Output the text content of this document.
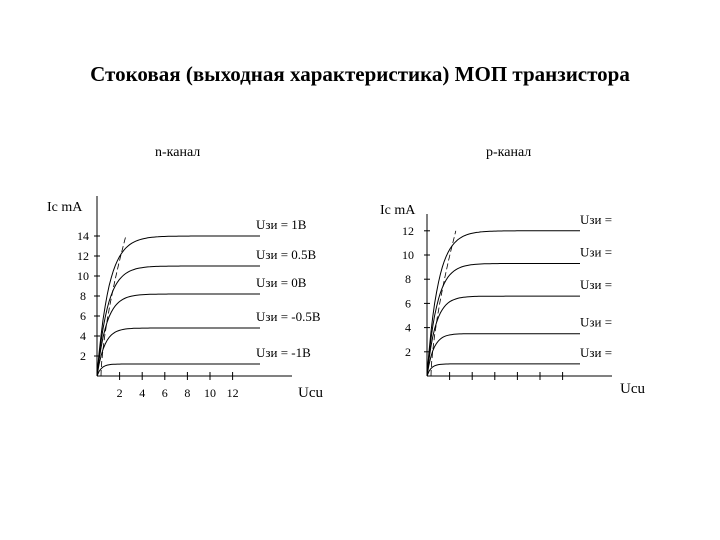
Стоковая (выходная характеристика) МОП транзистора
n-канал
Ic mA
Ucu
2 4 6 8 10 12
2
4
6
8
10
12
14
Uзи = 1В
Uзи = 0.5В
Uзи = 0В
Uзи = -0.5В
Uзи = -1В
p-канал
Ic mA
Ucu
2
4
6
8
10
12
Uзи =
Uзи =
Uзи =
Uзи =
Uзи =
